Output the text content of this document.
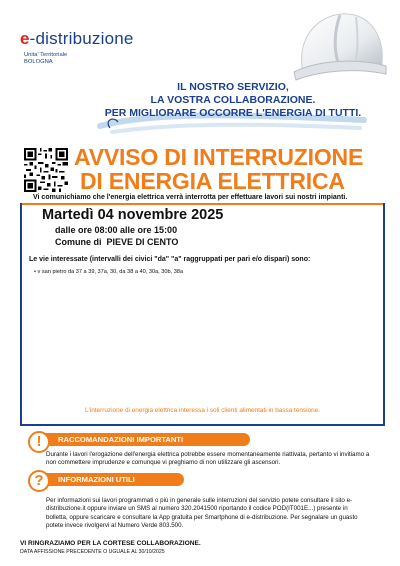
e-distribuzione
Unita' Territoriale
BOLOGNA
IL NOSTRO SERVIZIO,
LA VOSTRA COLLABORAZIONE.
PER MIGLIORARE OCCORRE L'ENERGIA DI TUTTI.
AVVISO DI INTERRUZIONE
DI ENERGIA ELETTRICA
Vi comunichiamo che l'energia elettrica verrà interrotta per effettuare lavori sui nostri impianti.
Martedì 04 novembre 2025
dalle ore 08:00 alle ore 15:00
Comune di PIEVE DI CENTO
Le vie interessate (intervalli dei civici "da" "a" raggruppati per pari e/o dispari) sono:
• v san pietro da 37 a 39, 37a, 30, da 38 a 40, 30a, 30b, 38a
L'interruzione di energia elettrica interessa i soli clienti alimentati in bassa tensione.
RACCOMANDAZIONI IMPORTANTI
!
Durante i lavori l'erogazione dell'energia elettrica potrebbe essere momentaneamente riattivata, pertanto vi invitiamo a non commettere imprudenze e comunque vi preghiamo di non utilizzare gli ascensori.
INFORMAZIONI UTILI
?
Per informazioni sui lavori programmati o più in generale sulle interruzioni del servizio potete consultare il sito e-distribuzione.it oppure inviare un SMS al numero 320.2041500 riportando il codice POD(IT001E...) presente in bolletta, oppure scaricare e consultare la App gratuita per Smartphone di e-distribuzione. Per segnalare un guasto potete invece rivolgervi al Numero Verde 803.500.
VI RINGRAZIAMO PER LA CORTESE COLLABORAZIONE.
DATA AFFISSIONE PRECEDENTE O UGUALE AL 30/10/2025
